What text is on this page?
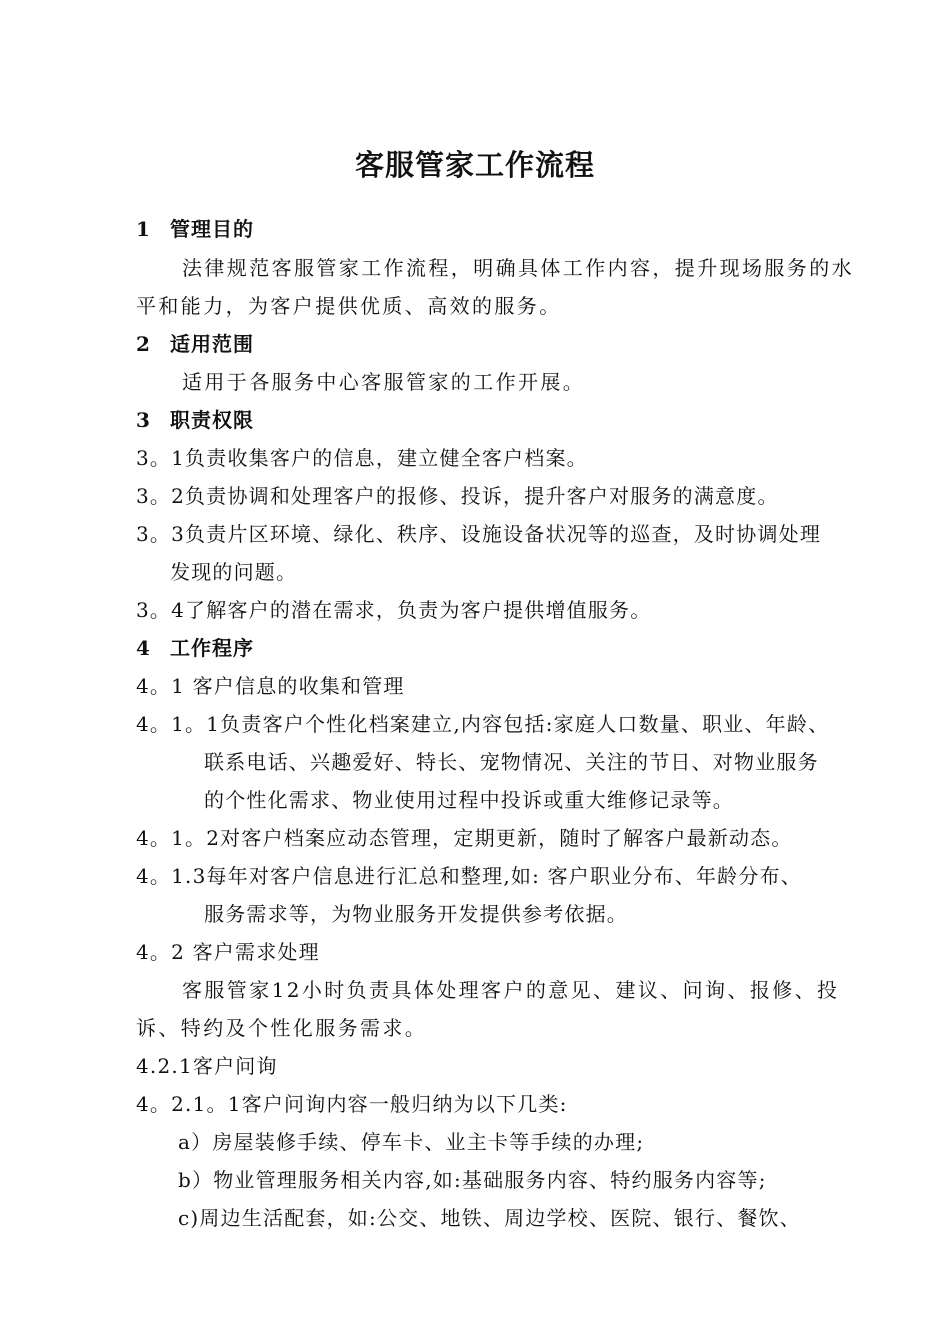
客服管家工作流程
1 管理目的
法律规范客服管家工作流程，明确具体工作内容，提升现场服务的水
平和能力，为客户提供优质、高效的服务。
2 适用范围
适用于各服务中心客服管家的工作开展。
3 职责权限
3。1负责收集客户的信息，建立健全客户档案。
3。2负责协调和处理客户的报修、投诉，提升客户对服务的满意度。
3。3负责片区环境、绿化、秩序、设施设备状况等的巡查，及时协调处理
发现的问题。
3。4了解客户的潜在需求，负责为客户提供增值服务。
4 工作程序
4。1 客户信息的收集和管理
4。1。1负责客户个性化档案建立,内容包括:家庭人口数量、职业、年龄、
联系电话、兴趣爱好、特长、宠物情况、关注的节日、对物业服务
的个性化需求、物业使用过程中投诉或重大维修记录等。
4。1。2对客户档案应动态管理，定期更新，随时了解客户最新动态。
4。1.3每年对客户信息进行汇总和整理,如: 客户职业分布、年龄分布、
服务需求等，为物业服务开发提供参考依据。
4。2 客户需求处理
客服管家12小时负责具体处理客户的意见、建议、问询、报修、投
诉、特约及个性化服务需求。
4.2.1客户问询
4。2.1。1客户问询内容一般归纳为以下几类:
a）房屋装修手续、停车卡、业主卡等手续的办理;
b）物业管理服务相关内容,如:基础服务内容、特约服务内容等;
c)周边生活配套，如:公交、地铁、周边学校、医院、银行、餐饮、
